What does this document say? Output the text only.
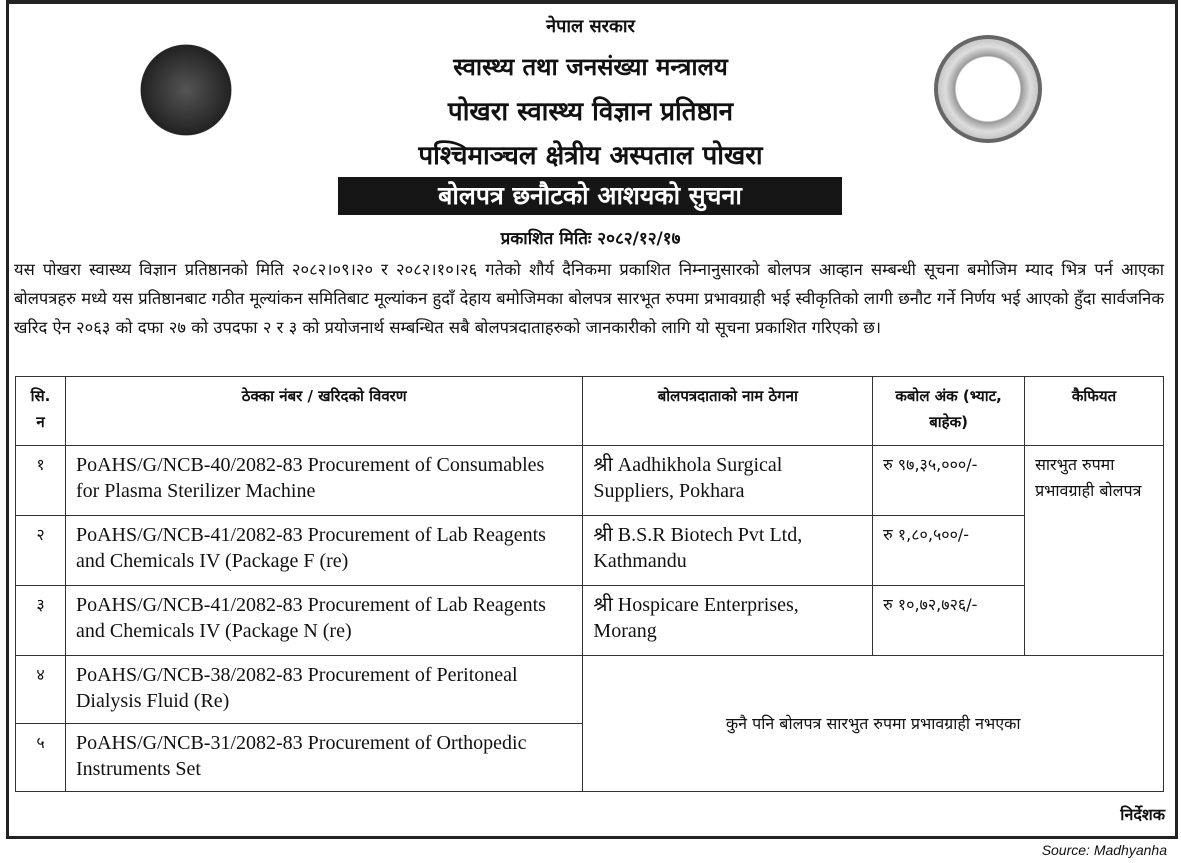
नेपाल सरकार
स्वास्थ्य तथा जनसंख्या मन्त्रालय
पोखरा स्वास्थ्य विज्ञान प्रतिष्ठान
पश्चिमाञ्चल क्षेत्रीय अस्पताल पोखरा
बोलपत्र छनौटको आशयको सुचना
प्रकाशित मितिः २०८२/१२/१७
यस पोखरा स्वास्थ्य विज्ञान प्रतिष्ठानको मिति २०८२।०९।२० र २०८२।१०।२६ गतेको शौर्य दैनिकमा प्रकाशित निम्नानुसारको बोलपत्र आव्हान सम्बन्धी सूचना बमोजिम म्याद भित्र पर्न आएका बोलपत्रहरु मध्ये यस प्रतिष्ठानबाट गठीत मूल्यांकन समितिबाट मूल्यांकन हुदाँ देहाय बमोजिमका बोलपत्र सारभूत रुपमा प्रभावग्राही भई स्वीकृतिको लागी छनौट गर्ने निर्णय भई आएको हुँदा सार्वजनिक खरिद ऐन २०६३ को दफा २७ को उपदफा २ र ३ को प्रयोजनार्थ सम्बन्धित सबै बोलपत्रदाताहरुको जानकारीको लागि यो सूचना प्रकाशित गरिएको छ।
सि. न	ठेक्का नंबर / खरिदको विवरण	बोलपत्रदाताको नाम ठेगना	कबोल अंक (भ्याट, बाहेक)	कैफियत
१	PoAHS/G/NCB-40/2082-83 Procurement of Consumables for Plasma Sterilizer Machine	श्री Aadhikhola Surgical Suppliers, Pokhara	रु ९७,३५,०००/-	सारभुत रुपमा प्रभावग्राही बोलपत्र
२	PoAHS/G/NCB-41/2082-83 Procurement of Lab Reagents and Chemicals IV (Package F (re)	श्री B.S.R Biotech Pvt Ltd, Kathmandu	रु १,८०,५००/-	
३	PoAHS/G/NCB-41/2082-83 Procurement of Lab Reagents and Chemicals IV (Package N (re)	श्री Hospicare Enterprises, Morang	रु १०,७२,७२६/-	
४	PoAHS/G/NCB-38/2082-83 Procurement of Peritoneal Dialysis Fluid (Re)	कुनै पनि बोलपत्र सारभुत रुपमा प्रभावग्राही नभएका		
५	PoAHS/G/NCB-31/2082-83 Procurement of Orthopedic Instruments Set			
निर्देशक
Source: Madhyanha
